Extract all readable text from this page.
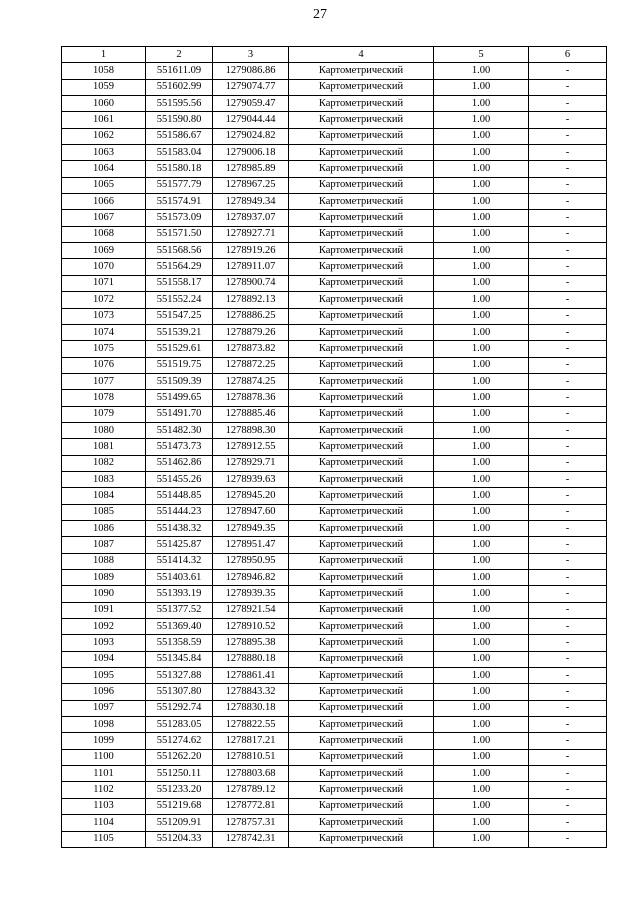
27
1	2	3	4	5	6
1058	551611.09	1279086.86	Картометрический	1.00	-
1059	551602.99	1279074.77	Картометрический	1.00	-
1060	551595.56	1279059.47	Картометрический	1.00	-
1061	551590.80	1279044.44	Картометрический	1.00	-
1062	551586.67	1279024.82	Картометрический	1.00	-
1063	551583.04	1279006.18	Картометрический	1.00	-
1064	551580.18	1278985.89	Картометрический	1.00	-
1065	551577.79	1278967.25	Картометрический	1.00	-
1066	551574.91	1278949.34	Картометрический	1.00	-
1067	551573.09	1278937.07	Картометрический	1.00	-
1068	551571.50	1278927.71	Картометрический	1.00	-
1069	551568.56	1278919.26	Картометрический	1.00	-
1070	551564.29	1278911.07	Картометрический	1.00	-
1071	551558.17	1278900.74	Картометрический	1.00	-
1072	551552.24	1278892.13	Картометрический	1.00	-
1073	551547.25	1278886.25	Картометрический	1.00	-
1074	551539.21	1278879.26	Картометрический	1.00	-
1075	551529.61	1278873.82	Картометрический	1.00	-
1076	551519.75	1278872.25	Картометрический	1.00	-
1077	551509.39	1278874.25	Картометрический	1.00	-
1078	551499.65	1278878.36	Картометрический	1.00	-
1079	551491.70	1278885.46	Картометрический	1.00	-
1080	551482.30	1278898.30	Картометрический	1.00	-
1081	551473.73	1278912.55	Картометрический	1.00	-
1082	551462.86	1278929.71	Картометрический	1.00	-
1083	551455.26	1278939.63	Картометрический	1.00	-
1084	551448.85	1278945.20	Картометрический	1.00	-
1085	551444.23	1278947.60	Картометрический	1.00	-
1086	551438.32	1278949.35	Картометрический	1.00	-
1087	551425.87	1278951.47	Картометрический	1.00	-
1088	551414.32	1278950.95	Картометрический	1.00	-
1089	551403.61	1278946.82	Картометрический	1.00	-
1090	551393.19	1278939.35	Картометрический	1.00	-
1091	551377.52	1278921.54	Картометрический	1.00	-
1092	551369.40	1278910.52	Картометрический	1.00	-
1093	551358.59	1278895.38	Картометрический	1.00	-
1094	551345.84	1278880.18	Картометрический	1.00	-
1095	551327.88	1278861.41	Картометрический	1.00	-
1096	551307.80	1278843.32	Картометрический	1.00	-
1097	551292.74	1278830.18	Картометрический	1.00	-
1098	551283.05	1278822.55	Картометрический	1.00	-
1099	551274.62	1278817.21	Картометрический	1.00	-
1100	551262.20	1278810.51	Картометрический	1.00	-
1101	551250.11	1278803.68	Картометрический	1.00	-
1102	551233.20	1278789.12	Картометрический	1.00	-
1103	551219.68	1278772.81	Картометрический	1.00	-
1104	551209.91	1278757.31	Картометрический	1.00	-
1105	551204.33	1278742.31	Картометрический	1.00	-
